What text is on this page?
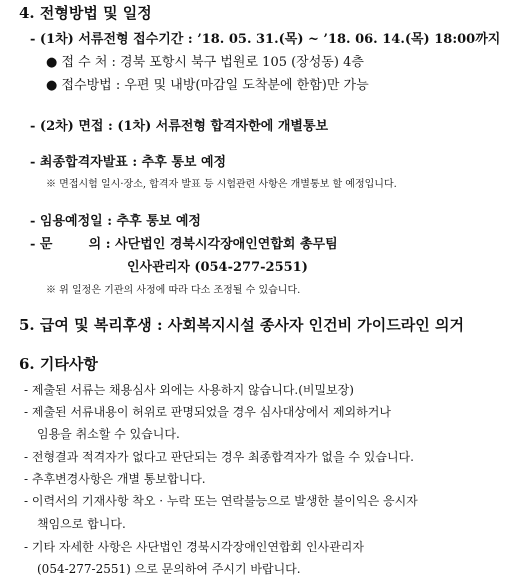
4. 전형방법 및 일정
- (1차) 서류전형 접수기간 : ’18. 05. 31.(목) ~ ’18. 06. 14.(목) 18:00까지
● 접 수 처 : 경북 포항시 북구 법원로 105 (장성동) 4층
● 접수방법 : 우편 및 내방(마감일 도착분에 한함)만 가능
- (2차) 면접 : (1차) 서류전형 합격자한에 개별통보
- 최종합격자발표 : 추후 통보 예정
※ 면접시험 일시·장소, 합격자 발표 등 시험관련 사항은 개별통보 할 예정입니다.
- 임용예정일 : 추후 통보 예정
- 문        의 : 사단법인 경북시각장애인연합회 총무팀
인사관리자 (054-277-2551)
※ 위 일정은 기관의 사정에 따라 다소 조정될 수 있습니다.
5. 급여 및 복리후생 : 사회복지시설 종사자 인건비 가이드라인 의거
6. 기타사항
- 제출된 서류는 채용심사 외에는 사용하지 않습니다.(비밀보장)
- 제출된 서류내용이 허위로 판명되었을 경우 심사대상에서 제외하거나
임용을 취소할 수 있습니다.
- 전형결과 적격자가 없다고 판단되는 경우 최종합격자가 없을 수 있습니다.
- 추후변경사항은 개별 통보합니다.
- 이력서의 기재사항 착오 · 누락 또는 연락불능으로 발생한 불이익은 응시자
책임으로 합니다.
- 기타 자세한 사항은 사단법인 경북시각장애인연합회 인사관리자
(054-277-2551) 으로 문의하여 주시기 바랍니다.
